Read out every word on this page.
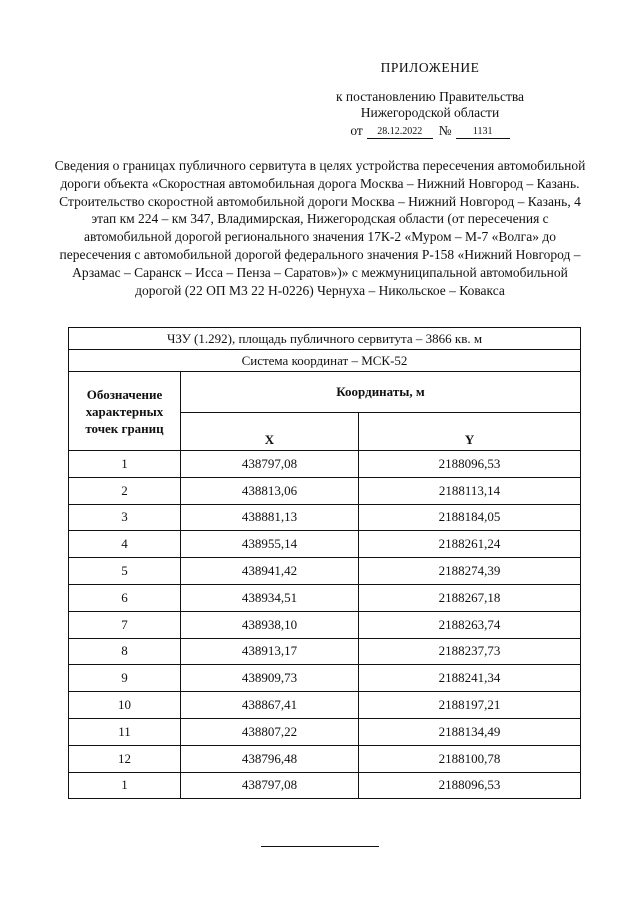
ПРИЛОЖЕНИЕ
к постановлению Правительства
Нижегородской области
от	28.12.2022	№	1131
Сведения о границах публичного сервитута в целях устройства пересечения автомобильной дороги объекта «Скоростная автомобильная дорога Москва – Нижний Новгород – Казань. Строительство скоростной автомобильной дороги Москва – Нижний Новгород – Казань, 4 этап км 224 – км 347, Владимирская, Нижегородская области (от пересечения с автомобильной дорогой регионального значения 17К-2 «Муром – М-7 «Волга» до пересечения с автомобильной дорогой федерального значения Р-158 «Нижний Новгород – Арзамас – Саранск – Исса – Пенза – Саратов»)» с межмуниципальной автомобильной дорогой (22 ОП М3 22 Н-0226) Чернуха – Никольское – Ковакса
ЧЗУ (1.292), площадь публичного сервитута – 3866 кв. м		
Система координат – МСК-52		
Обозначение характерных точек границ	Координаты, м	
	X	Y
1	438797,08	2188096,53
2	438813,06	2188113,14
3	438881,13	2188184,05
4	438955,14	2188261,24
5	438941,42	2188274,39
6	438934,51	2188267,18
7	438938,10	2188263,74
8	438913,17	2188237,73
9	438909,73	2188241,34
10	438867,41	2188197,21
11	438807,22	2188134,49
12	438796,48	2188100,78
1	438797,08	2188096,53
